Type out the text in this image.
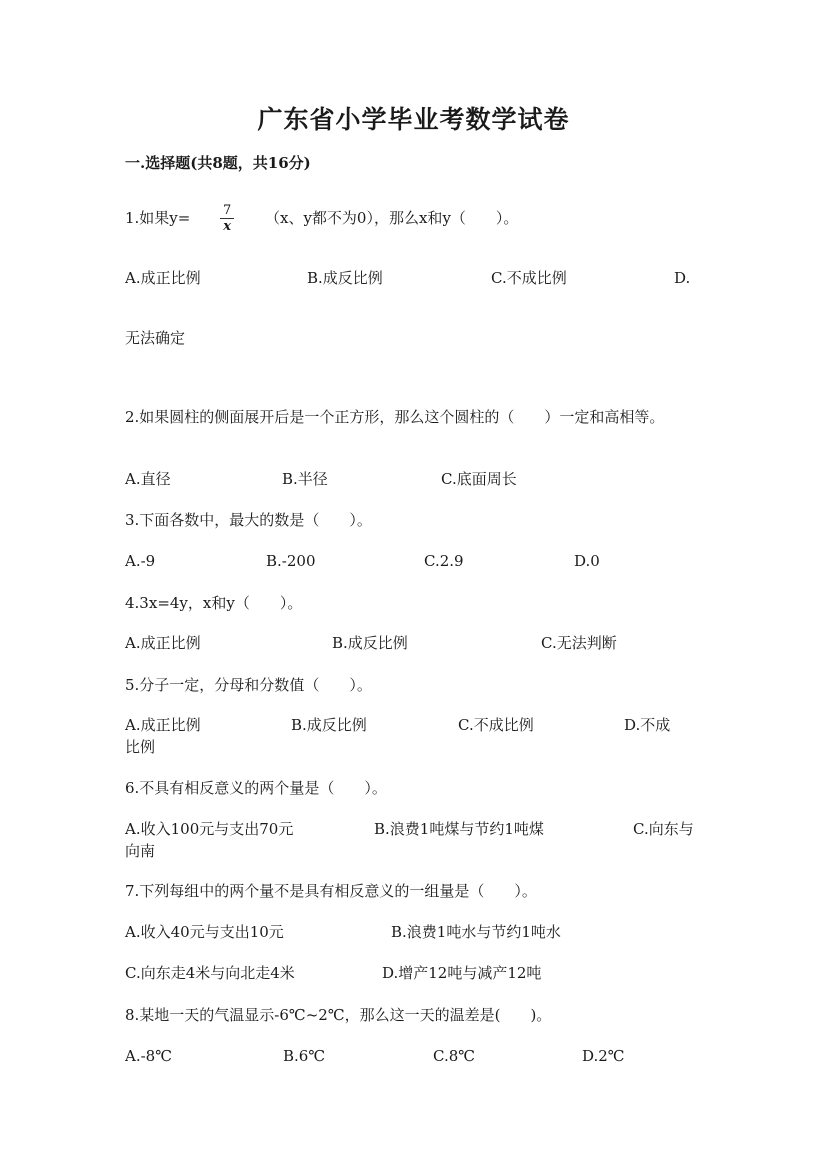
广东省小学毕业考数学试卷
一.选择题(共8题，共16分)
1.如果$y= \frac{7}{x} (x$、y都不为0），那么x和y（　　）。
A.成正比例	B.成反比例	C.不成比例	D.
无法确定
2.如果圆柱的侧面展开后是一个正方形，那么这个圆柱的（　　）一定和高相等。
A.直径	B.半径	C.底面周长
3.下面各数中，最大的数是（　　）。
A.-9	B.-200	C.2.9	D.0
4.3x=4y，x和y（　　）。
A.成正比例	B.成反比例	C.无法判断
5.分子一定，分母和分数值（　　）。
A.成正比例	B.成反比例	C.不成比例	D.不成
比例
6.不具有相反意义的两个量是（　　）。
A.收入100元与支出70元	B.浪费1吨煤与节约1吨煤	C.向东与
向南
7.下列每组中的两个量不是具有相反意义的一组量是（　　）。
A.收入40元与支出10元	B.浪费1吨水与节约1吨水
C.向东走4米与向北走4米	D.增产12吨与减产12吨
8.某地一天的气温显示-6℃~2℃，那么这一天的温差是(　　)。
A.-8℃	B.6℃	C.8℃	D.2℃
